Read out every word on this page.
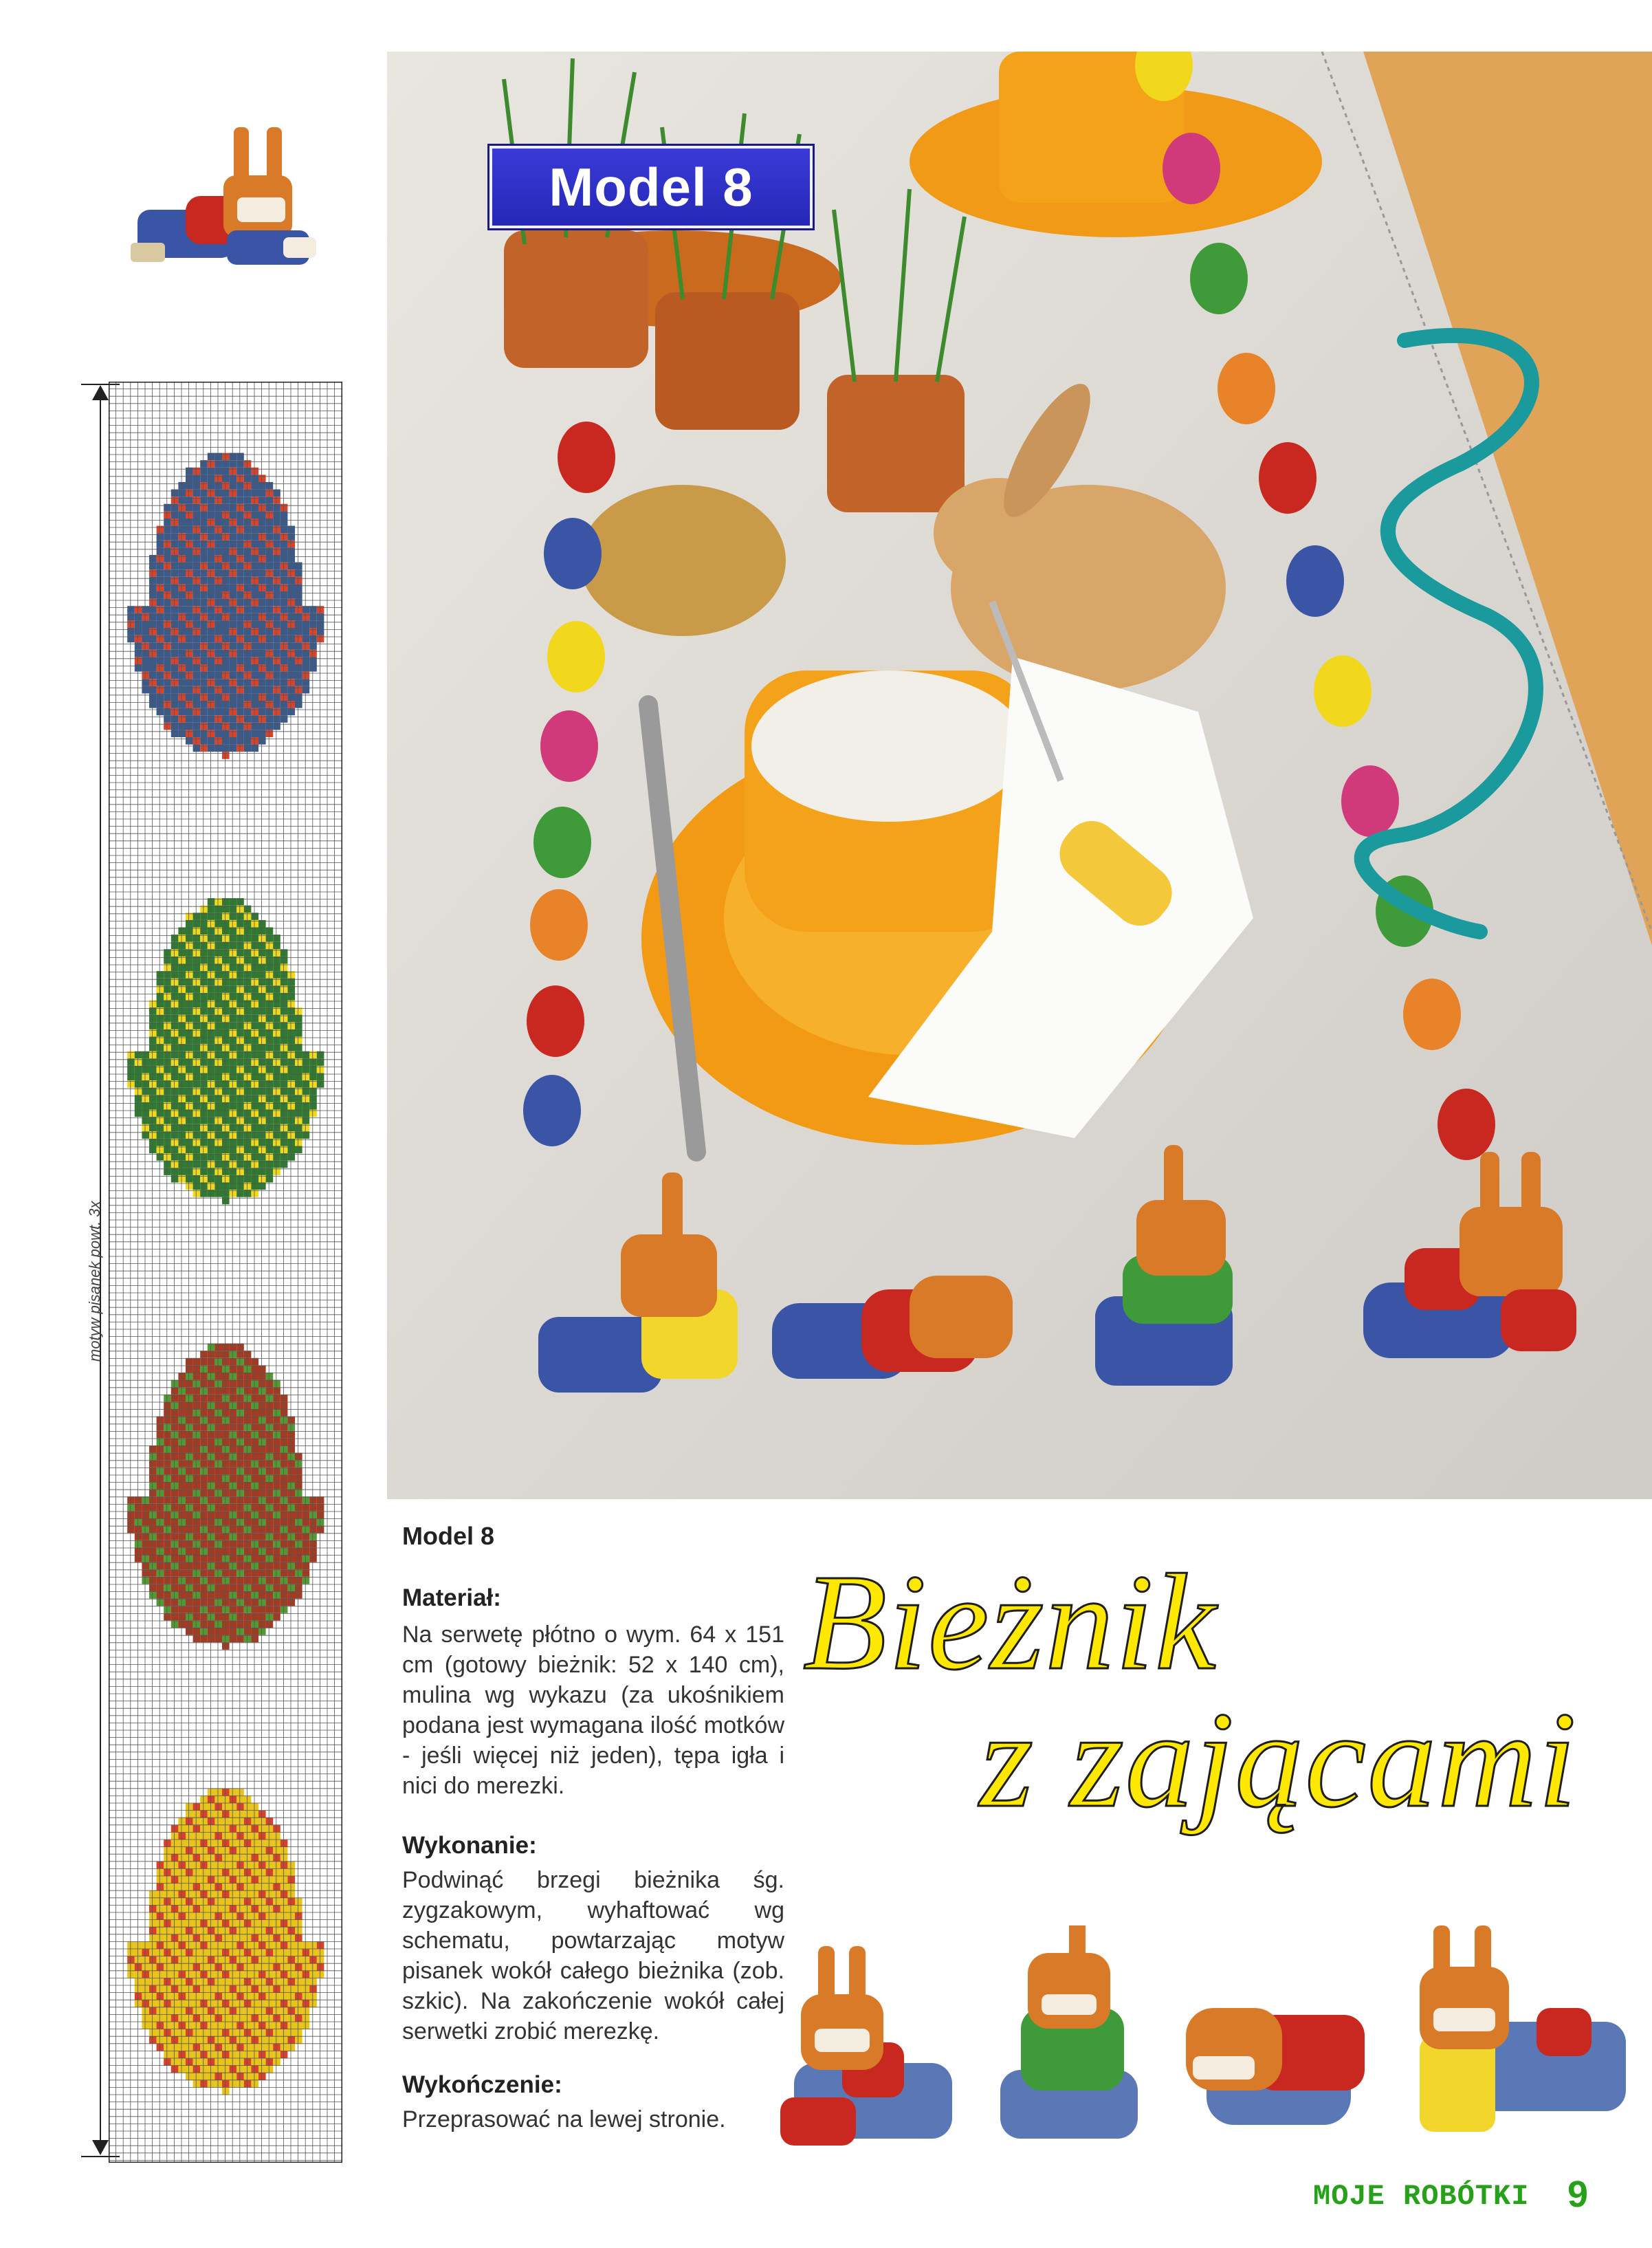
motyw pisanek powt. 3x
Model 8
Model 8
Materiał:
Na serwetę płótno o wym. 64 x 151 cm (gotowy bieżnik: 52 x 140 cm), mulina wg wykazu (za ukośnikiem podana jest wymagana ilość motków - jeśli więcej niż jeden), tępa igła i nici do merezki.
Wykonanie:
Podwinąć brzegi bieżnika śg. zygzakowym, wyhaftować wg schematu, powtarzając motyw pisanek wokół całego bieżnika (zob. szkic). Na zakończenie wokół całej serwetki zrobić merezkę.
Wykończenie:
Przeprasować na lewej stronie.
Bieżnik
z zającami
MOJE ROBÓTKI 9
